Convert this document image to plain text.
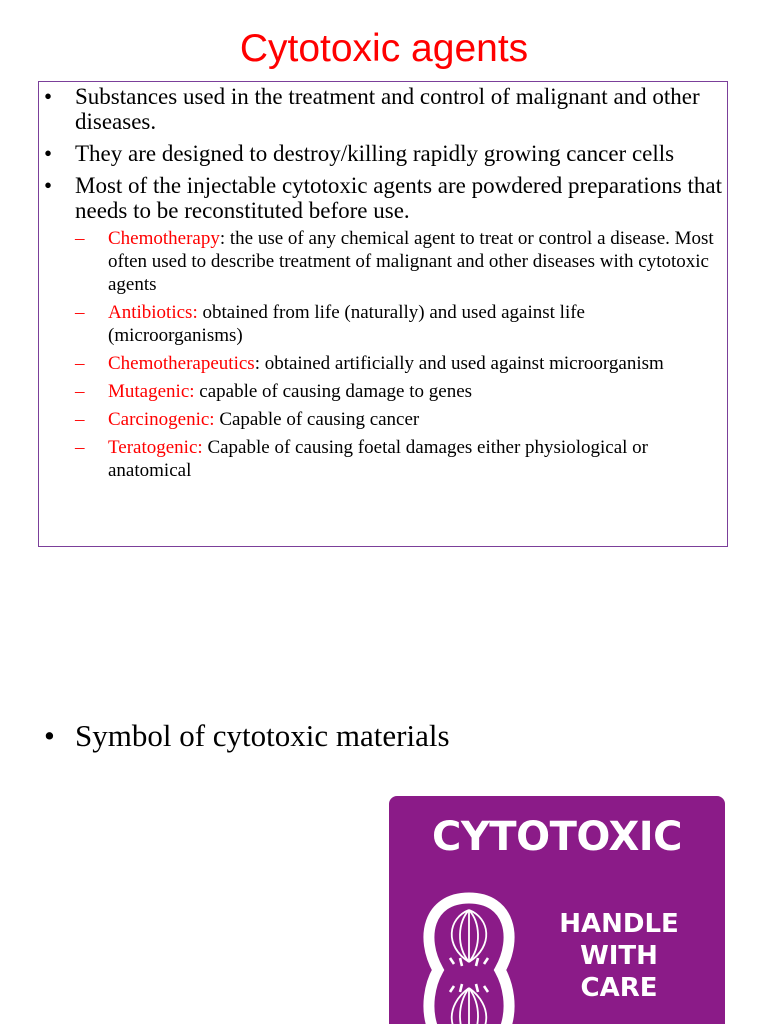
Cytotoxic agents
• Substances used in the treatment and control of malignant and other diseases.
• They are designed to destroy/killing rapidly growing cancer cells
• Most of the injectable cytotoxic agents are powdered preparations that needs to be reconstituted before use.
– Chemotherapy: the use of any chemical agent to treat or control a disease. Most often used to describe treatment of malignant and other diseases with cytotoxic agents
– Antibiotics: obtained from life (naturally) and used against life (microorganisms)
– Chemotherapeutics: obtained artificially and used against microorganism
– Mutagenic: capable of causing damage to genes
– Carcinogenic: Capable of causing cancer
– Teratogenic: Capable of causing foetal damages either physiological or anatomical
• Symbol of cytotoxic materials
CYTOTOXIC
HANDLE
WITH
CARE
